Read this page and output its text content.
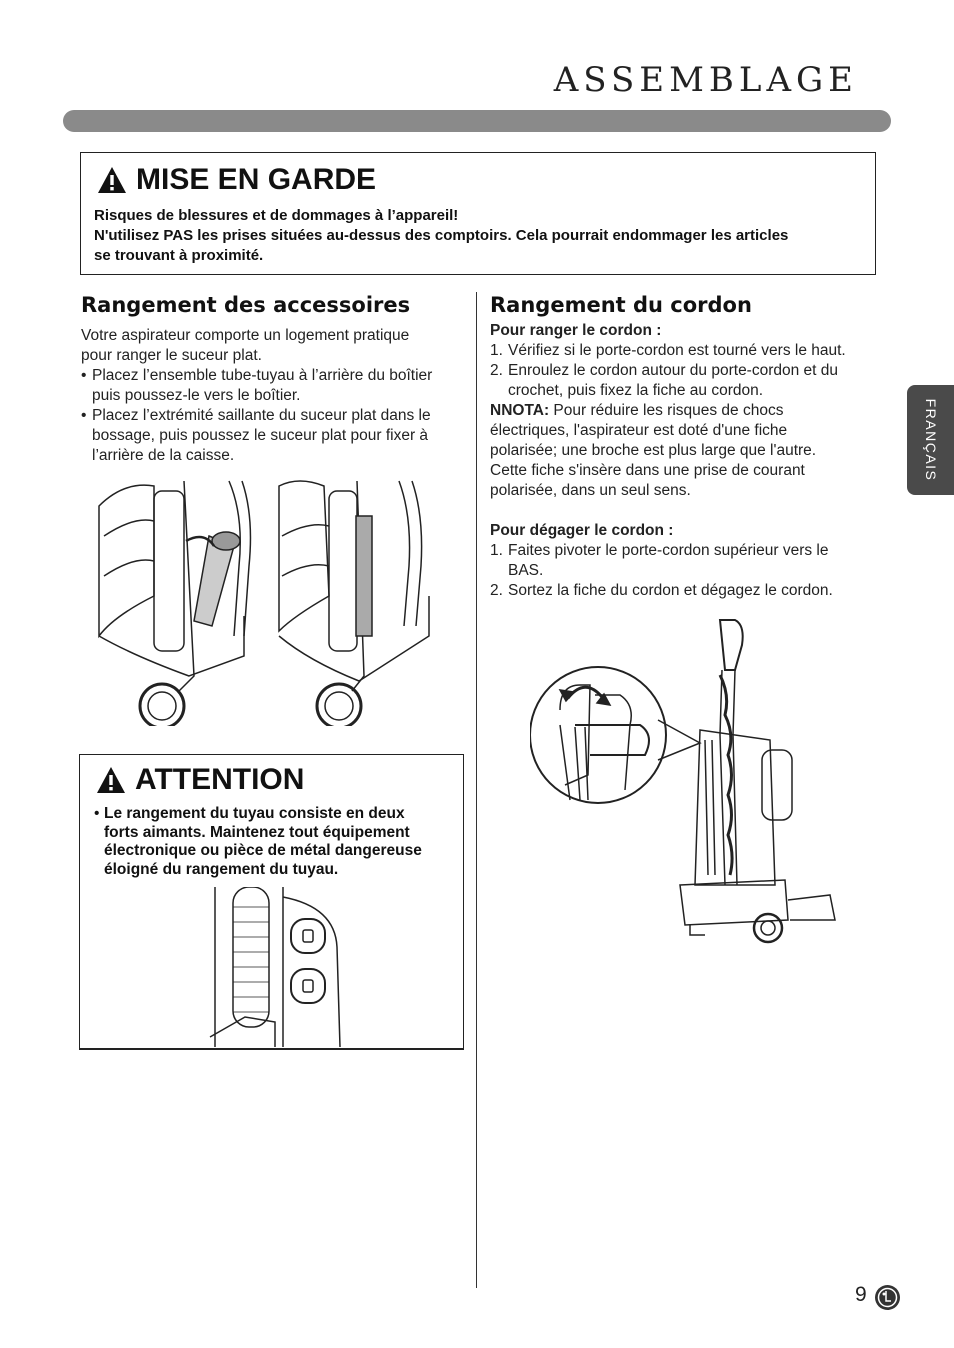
ASSEMBLAGE
FRANÇAIS
MISE EN GARDE
Risques de blessures et de dommages à l’appareil!
N'utilisez PAS les prises situées au-dessus des comptoirs. Cela pourrait endommager les articles
se trouvant à proximité.
Rangement des accessoires
Votre aspirateur comporte un logement pratique
pour ranger le suceur plat.
• Placez l’ensemble tube-tuyau à l’arrière du boîtier
puis poussez-le vers le boîtier.
• Placez l’extrémité saillante du suceur plat dans le
bossage, puis poussez le suceur plat pour fixer à
l’arrière de la caisse.
ATTENTION
• Le rangement du tuyau consiste en deux
forts aimants. Maintenez tout équipement
électronique ou pièce de métal dangereuse
éloigné du rangement du tuyau.
Rangement du cordon
Pour ranger le cordon :
1. Vérifiez si le porte-cordon est tourné vers le haut.
2. Enroulez le cordon autour du porte-cordon et du
crochet, puis fixez la fiche au cordon.
NNOTA: Pour réduire les risques de chocs
électriques, l'aspirateur est doté d'une fiche
polarisée; une broche est plus large que l'autre.
Cette fiche s'insère dans une prise de courant
polarisée, dans un seul sens.
Pour dégager le cordon :
1. Faites pivoter le porte-cordon supérieur vers le
BAS.
2. Sortez la fiche du cordon et dégagez le cordon.
9
